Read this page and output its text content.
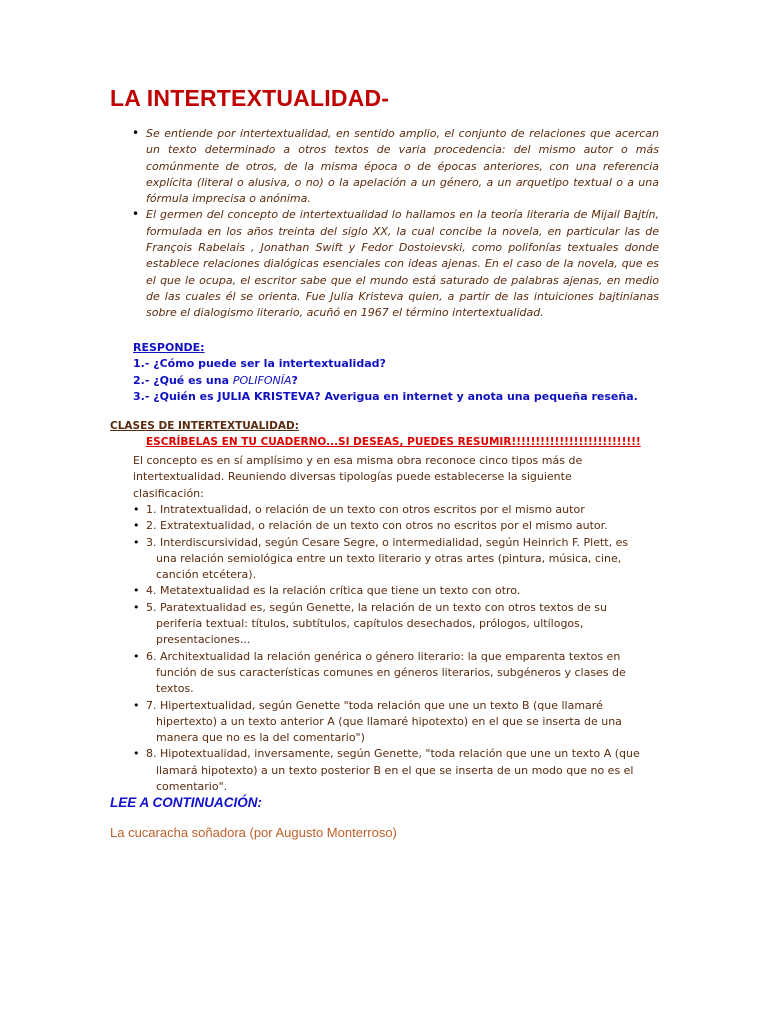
LA INTERTEXTUALIDAD-

• Se entiende por intertextualidad, en sentido amplio, el conjunto de relaciones que acercan un texto determinado a otros textos de varia procedencia: del mismo autor o más comúnmente de otros, de la misma época o de épocas anteriores, con una referencia explícita (literal o alusiva, o no) o la apelación a un género, a un arquetipo textual o a una fórmula imprecisa o anónima.

• El germen del concepto de intertextualidad lo hallamos en la teoría literaria de Mijail Bajtín, formulada en los años treinta del siglo XX, la cual concibe la novela, en particular las de François Rabelais , Jonathan Swift y Fedor Dostoievski, como polifonías textuales donde establece relaciones dialógicas esenciales con ideas ajenas. En el caso de la novela, que es el que le ocupa, el escritor sabe que el mundo está saturado de palabras ajenas, en medio de las cuales él se orienta. Fue Julia Kristeva quien, a partir de las intuiciones bajtinianas sobre el dialogismo literario, acuñó en 1967 el término intertextualidad.

RESPONDE:
1.- ¿Cómo puede ser la intertextualidad?
2.- ¿Qué es una POLIFONÍA?
3.- ¿Quién es JULIA KRISTEVA? Averigua en internet y anota una pequeña reseña.
CLASES DE INTERTEXTUALIDAD:
ESCRÍBELAS EN TU CUADERNO...SI DESEAS, PUEDES RESUMIR!!!!!!!!!!!!!!!!!!!!!!!!!!!
El concepto es en sí amplísimo y en esa misma obra reconoce cinco tipos más de intertextualidad. Reuniendo diversas tipologías puede establecerse la siguiente clasificación:
• 1. Intratextualidad, o relación de un texto con otros escritos por el mismo autor
• 2. Extratextualidad, o relación de un texto con otros no escritos por el mismo autor.
• 3. Interdiscursividad, según Cesare Segre, o intermedialidad, según Heinrich F. Plett, es una relación semiológica entre un texto literario y otras artes (pintura, música, cine, canción etcétera).
• 4. Metatextualidad es la relación crítica que tiene un texto con otro.
• 5. Paratextualidad es, según Genette, la relación de un texto con otros textos de su periferia textual: títulos, subtítulos, capítulos desechados, prólogos, ultílogos, presentaciones...
• 6. Architextualidad la relación genérica o género literario: la que emparenta textos en función de sus características comunes en géneros literarios, subgéneros y clases de textos.
• 7. Hipertextualidad, según Genette "toda relación que une un texto B (que llamaré hipertexto) a un texto anterior A (que llamaré hipotexto) en el que se inserta de una manera que no es la del comentario")
• 8. Hipotextualidad, inversamente, según Genette, "toda relación que une un texto A (que llamará hipotexto) a un texto posterior B en el que se inserta de un modo que no es el comentario".
LEE A CONTINUACIÓN:
La cucaracha soñadora (por Augusto Monterroso)
